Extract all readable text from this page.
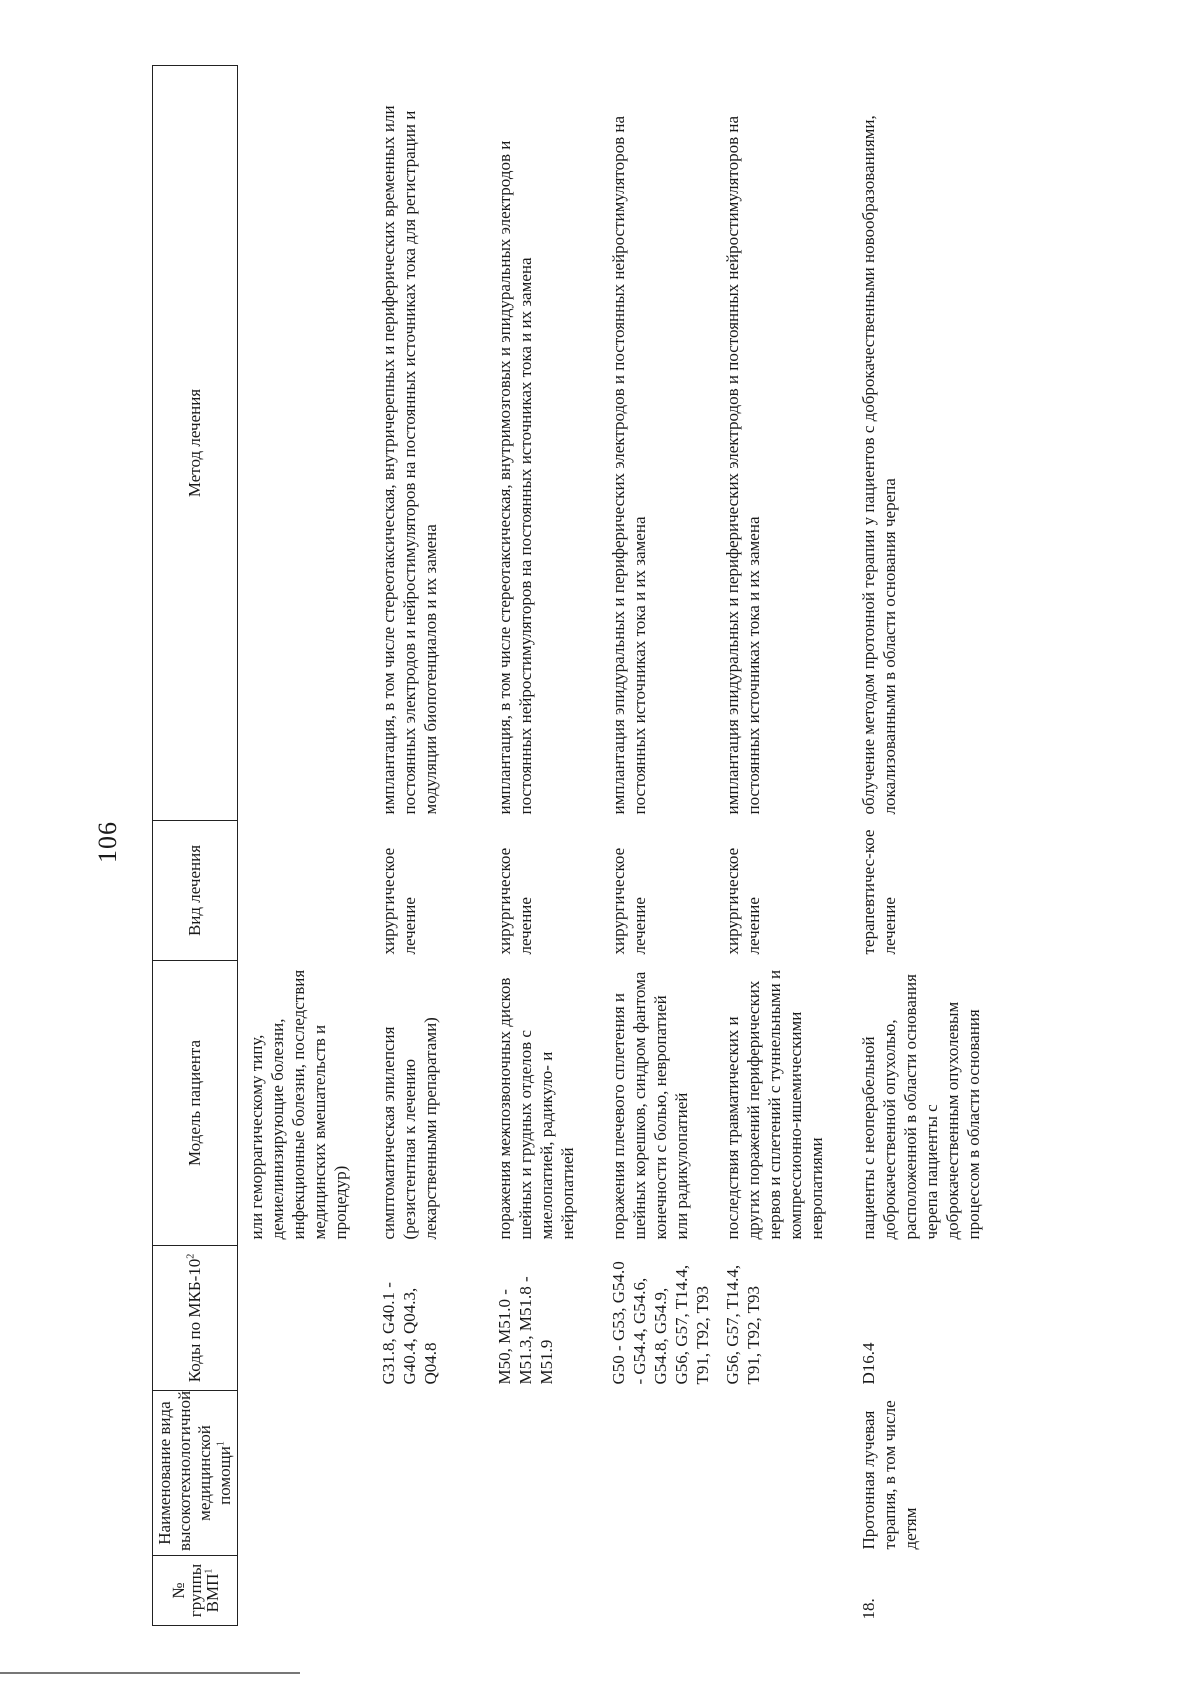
106
№ группы ВМП$^1$	Наименование вида высокотехнологичной медицинской помощи$^1$	Коды по МКБ-$10^2$	Модель пациента	Вид лечения	Метод лечения
			или геморрагическому типу, демиелинизирующие болезни, инфекционные болезни, последствия медицинских вмешательств и процедур)		
		G31.8, G40.1 - G40.4, Q04.3, Q04.8	симптоматическая эпилепсия (резистентная к лечению лекарственными препаратами)	хирургическое лечение	имплантация, в том числе стереотаксическая, внутричерепных и периферических временных или постоянных электродов и нейростимуляторов на постоянных источниках тока для регистрации и модуляции биопотенциалов и их замена
		M50, M51.0 - M51.3, M51.8 - M51.9	поражения межпозвоночных дисков шейных и грудных отделов с миелопатией, радикуло- и нейропатией	хирургическое лечение	имплантация, в том числе стереотаксическая, внутримозговых и эпидуральных электродов и постоянных нейростимуляторов на постоянных источниках тока и их замена
		G50 - G53, G54.0 - G54.4, G54.6, G54.8, G54.9, G56, G57, T14.4, T91, T92, T93	поражения плечевого сплетения и шейных корешков, синдром фантома конечности с болью, невропатией или радикулопатией	хирургическое лечение	имплантация эпидуральных и периферических электродов и постоянных нейростимуляторов на постоянных источниках тока и их замена
		G56, G57, T14.4, T91, T92, T93	последствия травматических и других поражений периферических нервов и сплетений с туннельными и компрессионно-ишемическими невропатиями	хирургическое лечение	имплантация эпидуральных и периферических электродов и постоянных нейростимуляторов на постоянных источниках тока и их замена
18.	Протонная лучевая терапия, в том числе детям	D16.4	пациенты с неоперабельной доброкачественной опухолью, расположенной в области основания черепа пациенты с доброкачественным опухолевым процессом в области основания	терапевтичес-кое лечение	облучение методом протонной терапии у пациентов с доброкачественными новообразованиями, локализованными в области основания черепа
